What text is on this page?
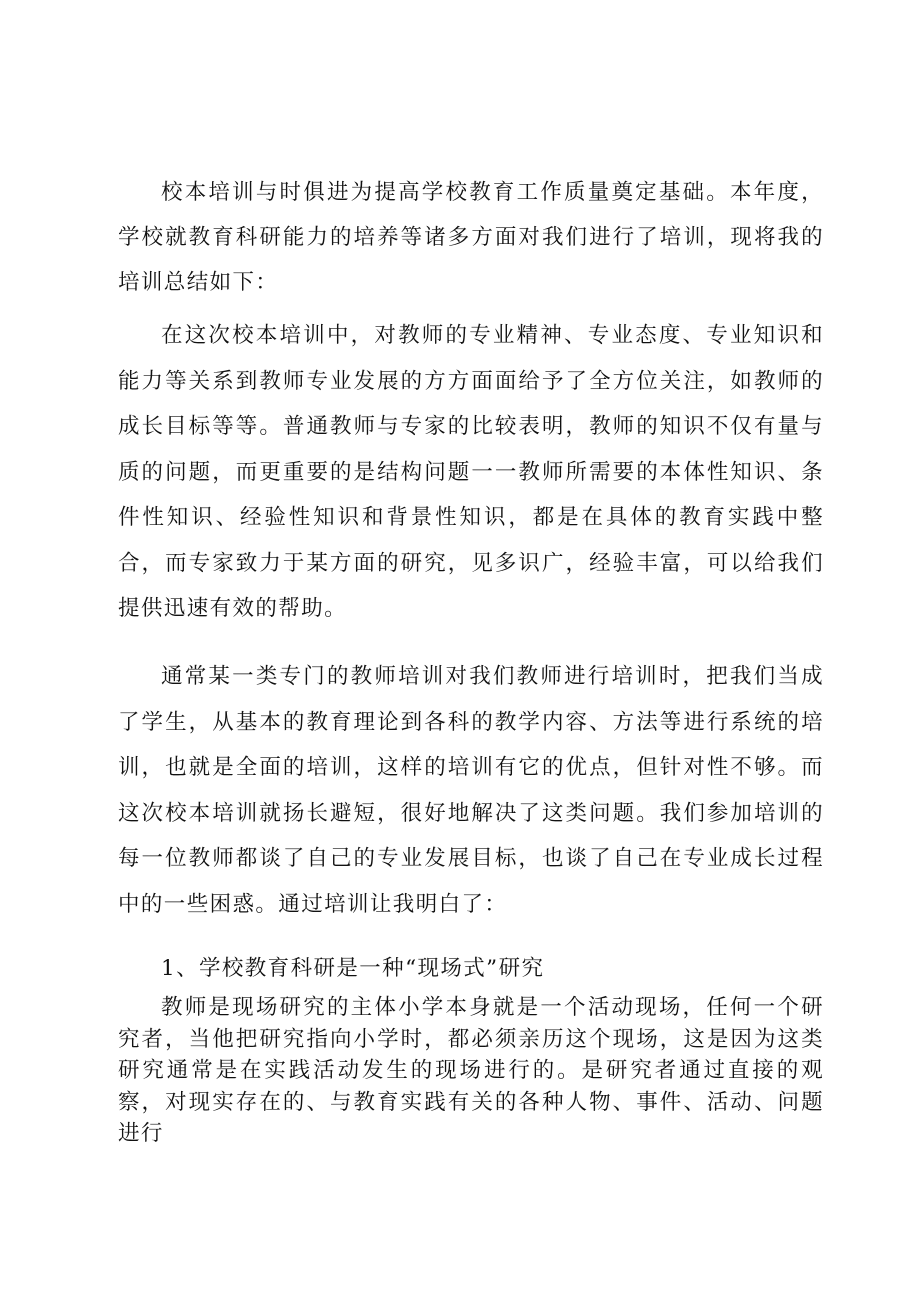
校本培训与时俱进为提高学校教育工作质量奠定基础。本年度，学校就教育科研能力的培养等诸多方面对我们进行了培训，现将我的培训总结如下：

在这次校本培训中，对教师的专业精神、专业态度、专业知识和能力等关系到教师专业发展的方方面面给予了全方位关注，如教师的成长目标等等。普通教师与专家的比较表明，教师的知识不仅有量与质的问题，而更重要的是结构问题一一教师所需要的本体性知识、条件性知识、经验性知识和背景性知识，都是在具体的教育实践中整合，而专家致力于某方面的研究，见多识广，经验丰富，可以给我们提供迅速有效的帮助。

通常某一类专门的教师培训对我们教师进行培训时，把我们当成了学生，从基本的教育理论到各科的教学内容、方法等进行系统的培训，也就是全面的培训，这样的培训有它的优点，但针对性不够。而这次校本培训就扬长避短，很好地解决了这类问题。我们参加培训的每一位教师都谈了自己的专业发展目标，也谈了自己在专业成长过程中的一些困惑。通过培训让我明白了：

1、学校教育科研是一种“现场式”研究

教师是现场研究的主体小学本身就是一个活动现场，任何一个研究者，当他把研究指向小学时，都必须亲历这个现场，这是因为这类研究通常是在实践活动发生的现场进行的。是研究者通过直接的观察，对现实存在的、与教育实践有关的各种人物、事件、活动、问题进行
